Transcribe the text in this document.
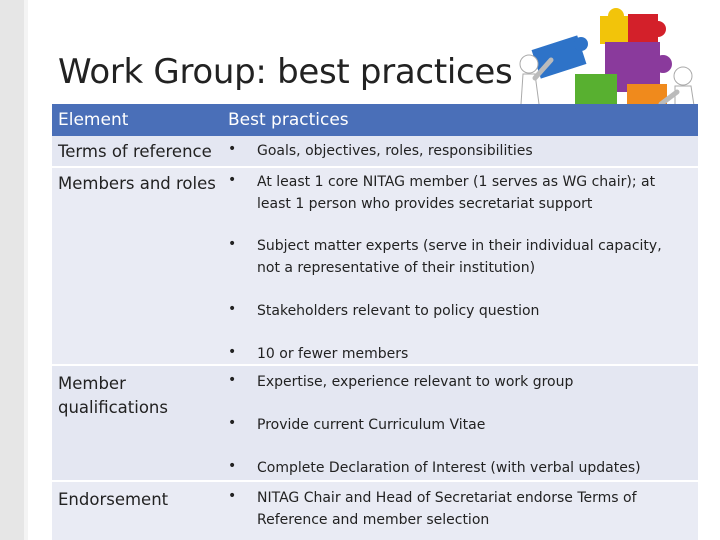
Work Group: best practices
Element	Best practices
Terms of reference • Goals, objectives, roles, responsibilities
Members and roles • At least 1 core NITAG member (1 serves as WG chair); at least 1 person who provides secretariat support
• Subject matter experts (serve in their individual capacity, not a representative of their institution)
• Stakeholders relevant to policy question
• 10 or fewer members
Member qualifications
• Expertise, experience relevant to work group
• Provide current Curriculum Vitae
• Complete Declaration of Interest (with verbal updates)
Endorsement	• NITAG Chair and Head of Secretariat endorse Terms of Reference and member selection
